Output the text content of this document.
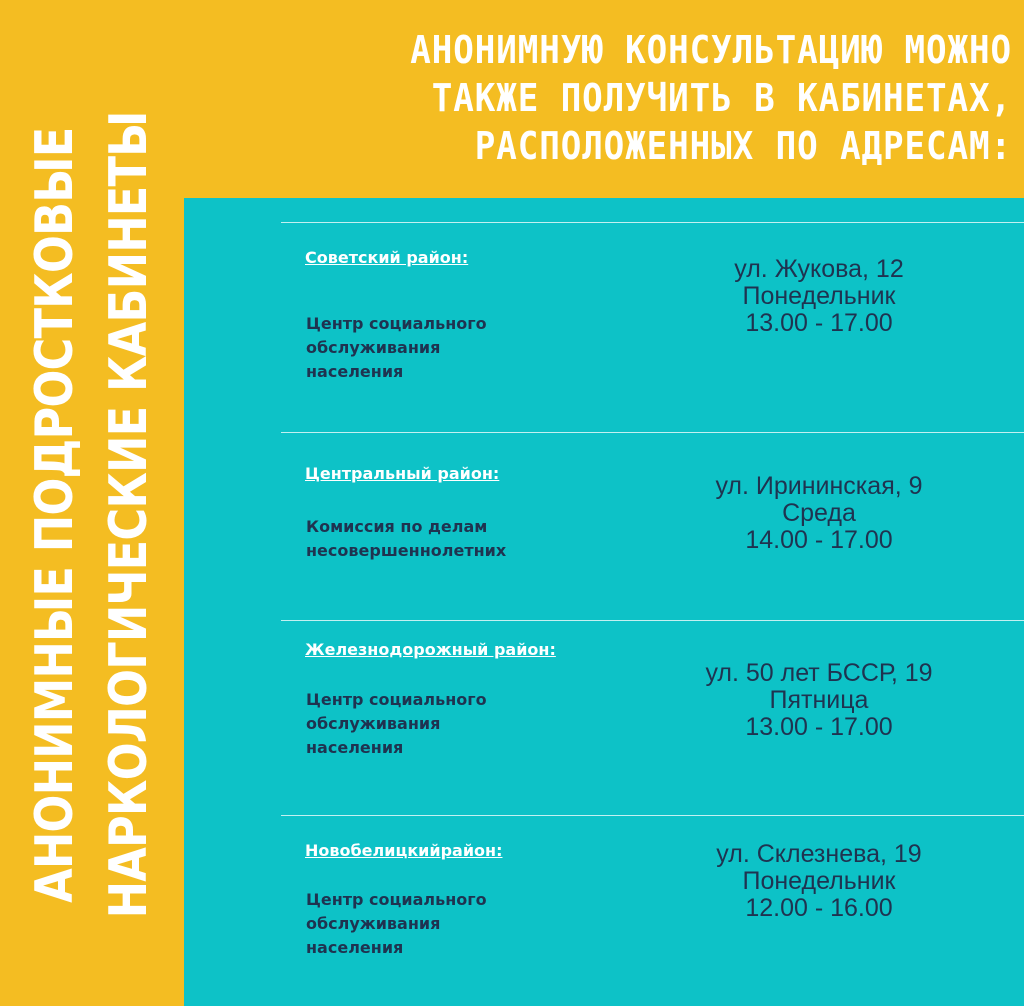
АНОНИМНЫЕ ПОДРОСТКОВЫЕ НАРКОЛОГИЧЕСКИЕ КАБИНЕТЫ
АНОНИМНУЮ КОНСУЛЬТАЦИЮ МОЖНО
ТАКЖЕ ПОЛУЧИТЬ В КАБИНЕТАХ,
РАСПОЛОЖЕННЫХ ПО АДРЕСАМ:
Советский район:
Центр социального
обслуживания
населения
ул. Жукова, 12
Понедельник
13.00 - 17.00
Центральный район:
Комиссия по делам
несовершеннолетних
ул. Ирининская, 9
Среда
14.00 - 17.00
Железнодорожный район:
Центр социального
обслуживания
населения
ул. 50 лет БССР, 19
Пятница
13.00 - 17.00
Новобелицкийрайон:
Центр социального
обслуживания
населения
ул. Склезнева, 19
Понедельник
12.00 - 16.00
